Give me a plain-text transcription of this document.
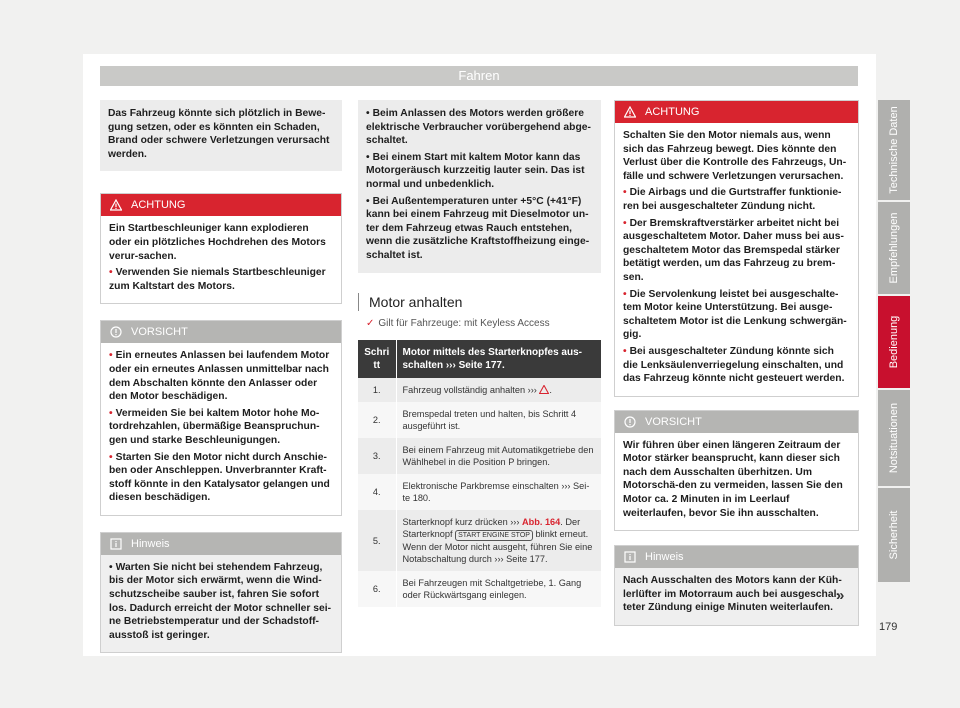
Fahren

Das Fahrzeug könnte sich plötzlich in Bewe-gung setzen, oder es könnten ein Schaden, Brand oder schwere Verletzungen verursacht werden.

ACHTUNG

Ein Startbeschleuniger kann explodieren oder ein plötzliches Hochdrehen des Motors verur-sachen.

• Verwenden Sie niemals Startbeschleuniger zum Kaltstart des Motors.

VORSICHT

• Ein erneutes Anlassen bei laufendem Motor oder ein erneutes Anlassen unmittelbar nach dem Abschalten könnte den Anlasser oder den Motor beschädigen.

• Vermeiden Sie bei kaltem Motor hohe Mo-tordrehzahlen, übermäßige Beanspruchun-gen und starke Beschleunigungen.

• Starten Sie den Motor nicht durch Anschie-ben oder Anschleppen. Unverbrannter Kraft-stoff könnte in den Katalysator gelangen und diesen beschädigen.

Hinweis

• Warten Sie nicht bei stehendem Fahrzeug, bis der Motor sich erwärmt, wenn die Wind-schutzscheibe sauber ist, fahren Sie sofort los. Dadurch erreicht der Motor schneller sei-ne Betriebstemperatur und der Schadstoff-ausstoß ist geringer.

• Beim Anlassen des Motors werden größere elektrische Verbraucher vorübergehend abge-schaltet.

• Bei einem Start mit kaltem Motor kann das Motorgeräusch kurzzeitig lauter sein. Das ist normal und unbedenklich.

• Bei Außentemperaturen unter +5°C (+41°F) kann bei einem Fahrzeug mit Dieselmotor un-ter dem Fahrzeug etwas Rauch entstehen, wenn die zusätzliche Kraftstoffheizung einge-schaltet ist.

Motor anhalten
✓ Gilt für Fahrzeuge: mit Keyless Access
Schri tt	Motor mittels des Starterknopfes aus-schalten ››› Seite 177.
1.	Fahrzeug vollständig anhalten ››› .
2.	Bremspedal treten und halten, bis Schritt 4 ausgeführt ist.
3.	Bei einem Fahrzeug mit Automatikgetriebe den Wählhebel in die Position P bringen.
4.	Elektronische Parkbremse einschalten ››› Sei-te 180.
5.	Starterknopf kurz drücken ››› Abb. 164. Der Starterknopf START ENGINE STOP blinkt erneut. Wenn der Motor nicht ausgeht, führen Sie eine Notabschaltung durch ››› Seite 177.
6.	Bei Fahrzeugen mit Schaltgetriebe, 1. Gang oder Rückwärtsgang einlegen.
ACHTUNG

Schalten Sie den Motor niemals aus, wenn sich das Fahrzeug bewegt. Dies könnte den Verlust über die Kontrolle des Fahrzeugs, Un-fälle und schwere Verletzungen verursachen.

• Die Airbags und die Gurtstraffer funktionie-ren bei ausgeschalteter Zündung nicht.

• Der Bremskraftverstärker arbeitet nicht bei ausgeschaltetem Motor. Daher muss bei aus-geschaltetem Motor das Bremspedal stärker betätigt werden, um das Fahrzeug zu brem-sen.

• Die Servolenkung leistet bei ausgeschalte-tem Motor keine Unterstützung. Bei ausge-schaltetem Motor ist die Lenkung schwergän-gig.

• Bei ausgeschalteter Zündung könnte sich die Lenksäulenverriegelung einschalten, und das Fahrzeug könnte nicht gesteuert werden.

VORSICHT

Wir führen über einen längeren Zeitraum der Motor stärker beansprucht, kann dieser sich nach dem Ausschalten überhitzen. Um Motorschä-den zu vermeiden, lassen Sie den Motor ca. 2 Minuten in im Leerlauf weiterlaufen, bevor Sie ihn ausschalten.

Hinweis

Nach Ausschalten des Motors kann der Küh-lerlüfter im Motorraum auch bei ausgeschal-teter Zündung einige Minuten weiterlaufen.

»
Technische Daten
Empfehlungen
Bedienung
Notsituationen
Sicherheit
179
